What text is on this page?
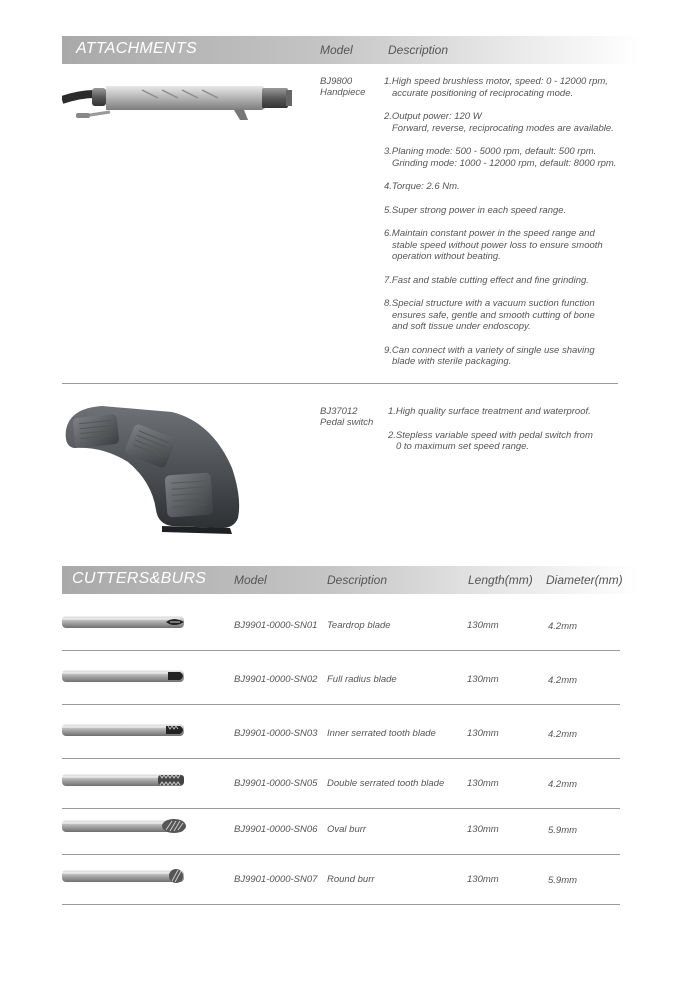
ATTACHMENTS	Model	Description
BJ9800
Handpiece
1.High speed brushless motor, speed: 0 - 12000 rpm,
accurate positioning of reciprocating mode.
2.Output power: 120 W
Forward, reverse, reciprocating modes are available.
3.Planing mode: 500 - 5000 rpm, default: 500 rpm.
Grinding mode: 1000 - 12000 rpm, default: 8000 rpm.
4.Torque: 2.6 Nm.
5.Super strong power in each speed range.
6.Maintain constant power in the speed range and
stable speed without power loss to ensure smooth
operation without beating.
7.Fast and stable cutting effect and fine grinding.
8.Special structure with a vacuum suction function
ensures safe, gentle and smooth cutting of bone
and soft tissue under endoscopy.
9.Can connect with a variety of single use shaving
blade with sterile packaging.
BJ37012
Pedal switch
1.High quality surface treatment and waterproof.
2.Stepless variable speed with pedal switch from
0 to maximum set speed range.
CUTTERS&BURS Model	Description	Length(mm) Diameter(mm)
BJ9901-0000-SN01 Teardrop blade	130mm	4.2mm
BJ9901-0000-SN02 Full radius blade	130mm	4.2mm
BJ9901-0000-SN03 Inner serrated tooth blade	130mm	4.2mm
BJ9901-0000-SN05 Double serrated tooth blade 130mm	4.2mm
BJ9901-0000-SN06 Oval burr	130mm	5.9mm
BJ9901-0000-SN07 Round burr	130mm	5.9mm
